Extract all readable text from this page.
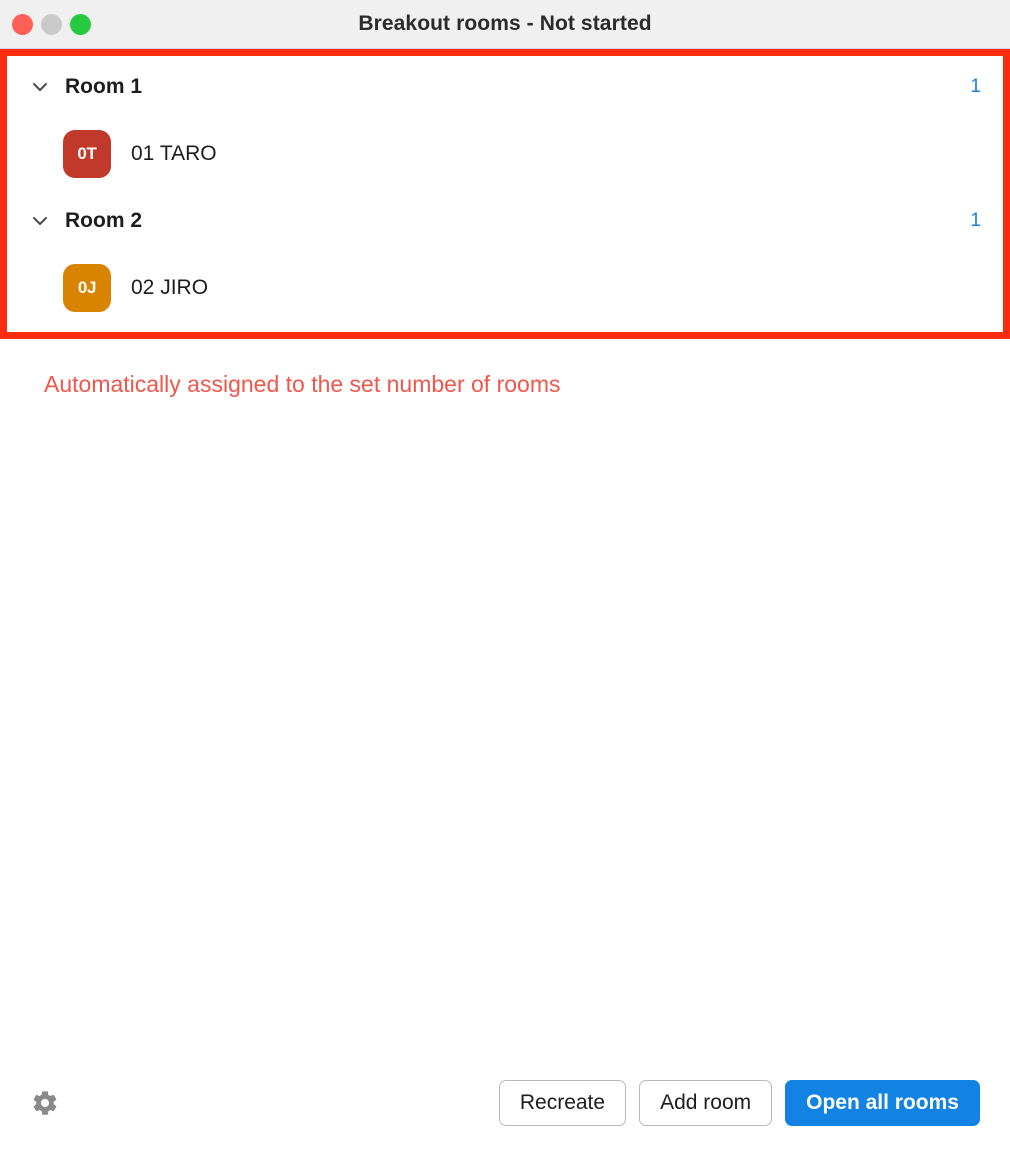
Breakout rooms - Not started
Room 1	1
0T	01 TARO
Room 2	1
0J	02 JIRO
Automatically assigned to the set number of rooms
Recreate	Add room	Open all rooms
